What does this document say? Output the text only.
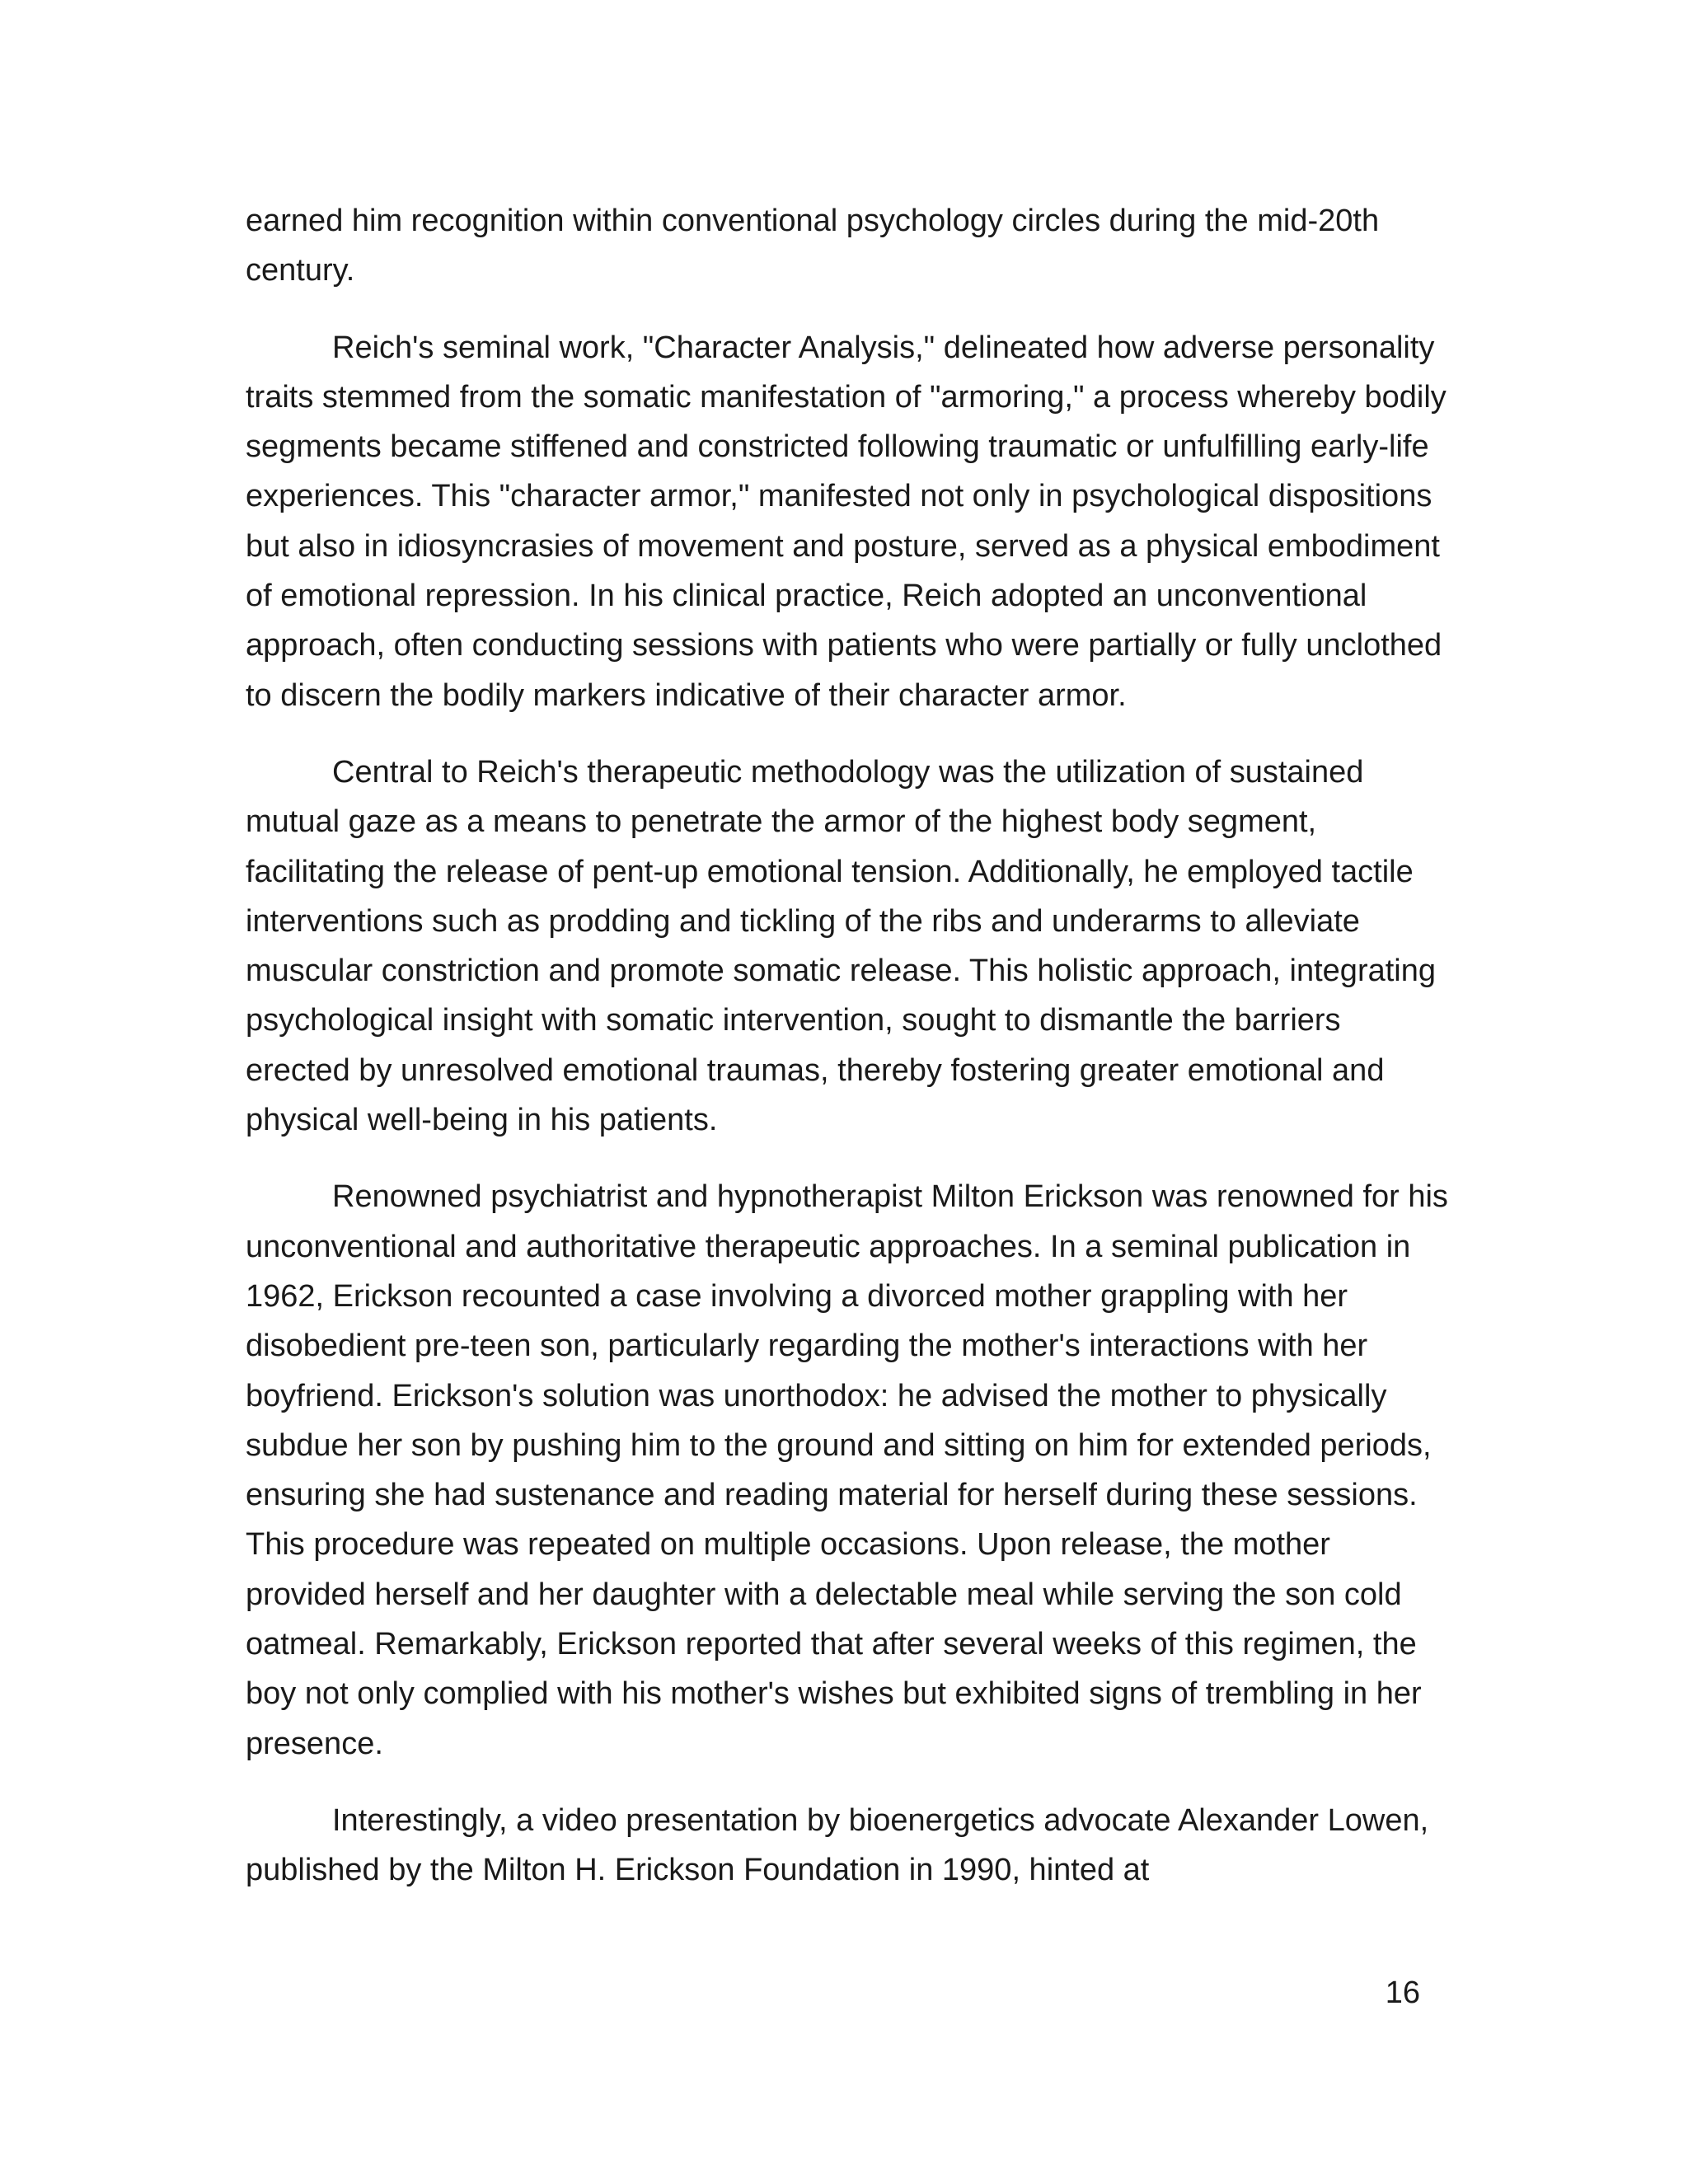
earned him recognition within conventional psychology circles during the mid-20th century.

Reich's seminal work, "Character Analysis," delineated how adverse personality traits stemmed from the somatic manifestation of "armoring," a process whereby bodily segments became stiffened and constricted following traumatic or unfulfilling early-life experiences. This "character armor," manifested not only in psychological dispositions but also in idiosyncrasies of movement and posture, served as a physical embodiment of emotional repression. In his clinical practice, Reich adopted an unconventional approach, often conducting sessions with patients who were partially or fully unclothed to discern the bodily markers indicative of their character armor.

Central to Reich's therapeutic methodology was the utilization of sustained mutual gaze as a means to penetrate the armor of the highest body segment, facilitating the release of pent-up emotional tension. Additionally, he employed tactile interventions such as prodding and tickling of the ribs and underarms to alleviate muscular constriction and promote somatic release. This holistic approach, integrating psychological insight with somatic intervention, sought to dismantle the barriers erected by unresolved emotional traumas, thereby fostering greater emotional and physical well-being in his patients.

Renowned psychiatrist and hypnotherapist Milton Erickson was renowned for his unconventional and authoritative therapeutic approaches. In a seminal publication in 1962, Erickson recounted a case involving a divorced mother grappling with her disobedient pre-teen son, particularly regarding the mother's interactions with her boyfriend. Erickson's solution was unorthodox: he advised the mother to physically subdue her son by pushing him to the ground and sitting on him for extended periods, ensuring she had sustenance and reading material for herself during these sessions. This procedure was repeated on multiple occasions. Upon release, the mother provided herself and her daughter with a delectable meal while serving the son cold oatmeal. Remarkably, Erickson reported that after several weeks of this regimen, the boy not only complied with his mother's wishes but exhibited signs of trembling in her presence.

Interestingly, a video presentation by bioenergetics advocate Alexander Lowen, published by the Milton H. Erickson Foundation in 1990, hinted at

16
